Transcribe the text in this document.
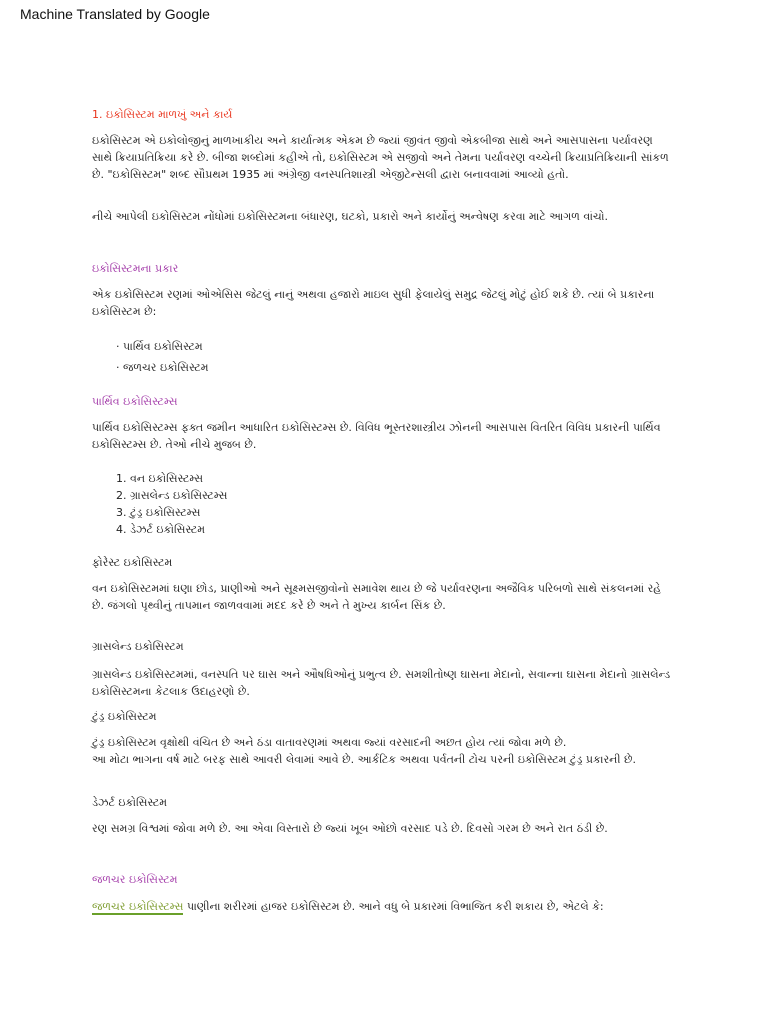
Machine Translated by Google
1. ઇકોસિસ્ટમ માળખું અને કાર્ય

ઇકોસિસ્ટમ એ ઇકોલોજીનું માળખાકીય અને કાર્યાત્મક એકમ છે જ્યાં જીવંત જીવો એકબીજા સાથે અને આસપાસના પર્યાવરણ સાથે ક્રિયાપ્રતિક્રિયા કરે છે. બીજા શબ્દોમાં કહીએ તો, ઇકોસિસ્ટમ એ સજીવો અને તેમના પર્યાવરણ વચ્ચેની ક્રિયાપ્રતિક્રિયાની સાંકળ છે. "ઇકોસિસ્ટમ" શબ્દ સૌપ્રથમ 1935 માં અંગ્રેજી વનસ્પતિશાસ્ત્રી એજીટેન્સલી દ્વારા બનાવવામાં આવ્યો હતો.

નીચે આપેલી ઇકોસિસ્ટમ નોંધોમાં ઇકોસિસ્ટમના બંધારણ, ઘટકો, પ્રકારો અને કાર્યોનું અન્વેષણ કરવા માટે આગળ વાંચો.

ઇકોસિસ્ટમના પ્રકાર

એક ઇકોસિસ્ટમ રણમાં ઓએસિસ જેટલું નાનું અથવા હજારો માઇલ સુધી ફેલાયેલું સમુદ્ર જેટલું મોટું હોઈ શકે છે. ત્યાં બે પ્રકારના ઇકોસિસ્ટમ છે:

· પાર્થિવ ઇકોસિસ્ટમ
· જળચર ઇકોસિસ્ટમ
પાર્થિવ ઇકોસિસ્ટમ્સ

પાર્થિવ ઇકોસિસ્ટમ્સ ફક્ત જમીન આધારિત ઇકોસિસ્ટમ્સ છે. વિવિધ ભૂસ્તરશાસ્ત્રીય ઝોનની આસપાસ વિતરિત વિવિધ પ્રકારની પાર્થિવ ઇકોસિસ્ટમ્સ છે. તેઓ નીચે મુજબ છે.

1. વન ઇકોસિસ્ટમ્સ
2. ગ્રાસલેન્ડ ઇકોસિસ્ટમ્સ
3. ટુંડ્ર ઇકોસિસ્ટમ્સ
4. ડેઝર્ટ ઇકોસિસ્ટમ
ફોરેસ્ટ ઇકોસિસ્ટમ

વન ઇકોસિસ્ટમમાં ઘણા છોડ, પ્રાણીઓ અને સૂક્ષ્મસજીવોનો સમાવેશ થાય છે જે પર્યાવરણના અજૈવિક પરિબળો સાથે સંકલનમાં રહે છે. જંગલો પૃથ્વીનું તાપમાન જાળવવામાં મદદ કરે છે અને તે મુખ્ય કાર્બન સિંક છે.

ગ્રાસલેન્ડ ઇકોસિસ્ટમ

ગ્રાસલેન્ડ ઇકોસિસ્ટમમાં, વનસ્પતિ પર ઘાસ અને ઔષધિઓનું પ્રભુત્વ છે. સમશીતોષ્ણ ઘાસના મેદાનો, સવાન્ના ઘાસના મેદાનો ગ્રાસલેન્ડ ઇકોસિસ્ટમના કેટલાક ઉદાહરણો છે.

ટુંડ્ર ઇકોસિસ્ટમ

ટુંડ્ર ઇકોસિસ્ટમ વૃક્ષોથી વંચિત છે અને ઠંડા વાતાવરણમાં અથવા જ્યાં વરસાદની અછત હોય ત્યાં જોવા મળે છે.

આ મોટા ભાગના વર્ષ માટે બરફ સાથે આવરી લેવામાં આવે છે. આર્કટિક અથવા પર્વતની ટોચ પરની ઇકોસિસ્ટમ ટુંડ્ર પ્રકારની છે.

ડેઝર્ટ ઇકોસિસ્ટમ

રણ સમગ્ર વિશ્વમાં જોવા મળે છે. આ એવા વિસ્તારો છે જ્યાં ખૂબ ઓછો વરસાદ પડે છે. દિવસો ગરમ છે અને રાત ઠંડી છે.

જળચર ઇકોસિસ્ટમ

જળચર ઇકોસિસ્ટમ્સ પાણીના શરીરમાં હાજર ઇકોસિસ્ટમ છે. આને વધુ બે પ્રકારમાં વિભાજિત કરી શકાય છે, એટલે કે:
